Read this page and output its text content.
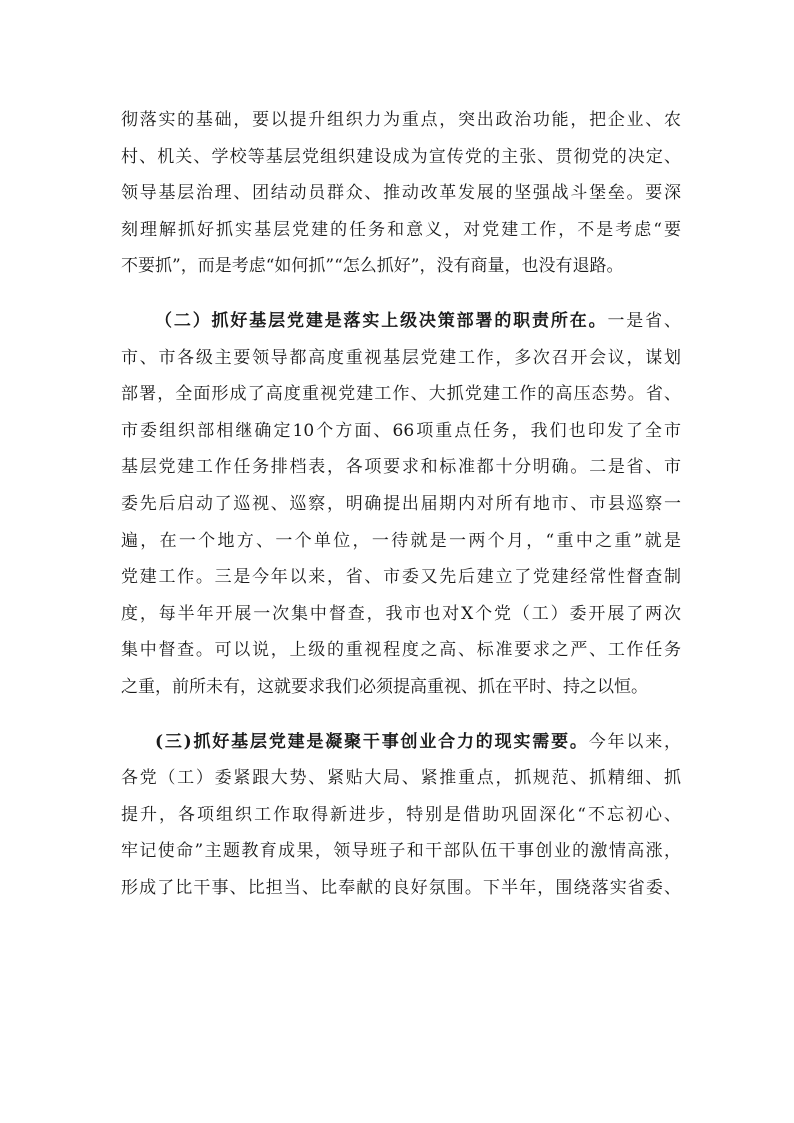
彻落实的基础，要以提升组织力为重点，突出政治功能，把企业、农
村、机关、学校等基层党组织建设成为宣传党的主张、贯彻党的决定、
领导基层治理、团结动员群众、推动改革发展的坚强战斗堡垒。要深
刻理解抓好抓实基层党建的任务和意义，对党建工作，不是考虑“要
不要抓”，而是考虑“如何抓”“怎么抓好”，没有商量，也没有退路。
（二）抓好基层党建是落实上级决策部署的职责所在。一是省、
市、市各级主要领导都高度重视基层党建工作，多次召开会议，谋划
部署，全面形成了高度重视党建工作、大抓党建工作的高压态势。省、
市委组织部相继确定10个方面、66项重点任务，我们也印发了全市
基层党建工作任务排档表，各项要求和标准都十分明确。二是省、市
委先后启动了巡视、巡察，明确提出届期内对所有地市、市县巡察一
遍，在一个地方、一个单位，一待就是一两个月，“重中之重”就是
党建工作。三是今年以来，省、市委又先后建立了党建经常性督查制
度，每半年开展一次集中督查，我市也对X个党（工）委开展了两次
集中督查。可以说，上级的重视程度之高、标准要求之严、工作任务
之重，前所未有，这就要求我们必须提高重视、抓在平时、持之以恒。
(三)抓好基层党建是凝聚干事创业合力的现实需要。今年以来，
各党（工）委紧跟大势、紧贴大局、紧推重点，抓规范、抓精细、抓
提升，各项组织工作取得新进步，特别是借助巩固深化“不忘初心、
牢记使命”主题教育成果，领导班子和干部队伍干事创业的激情高涨，
形成了比干事、比担当、比奉献的良好氛围。下半年，围绕落实省委、
